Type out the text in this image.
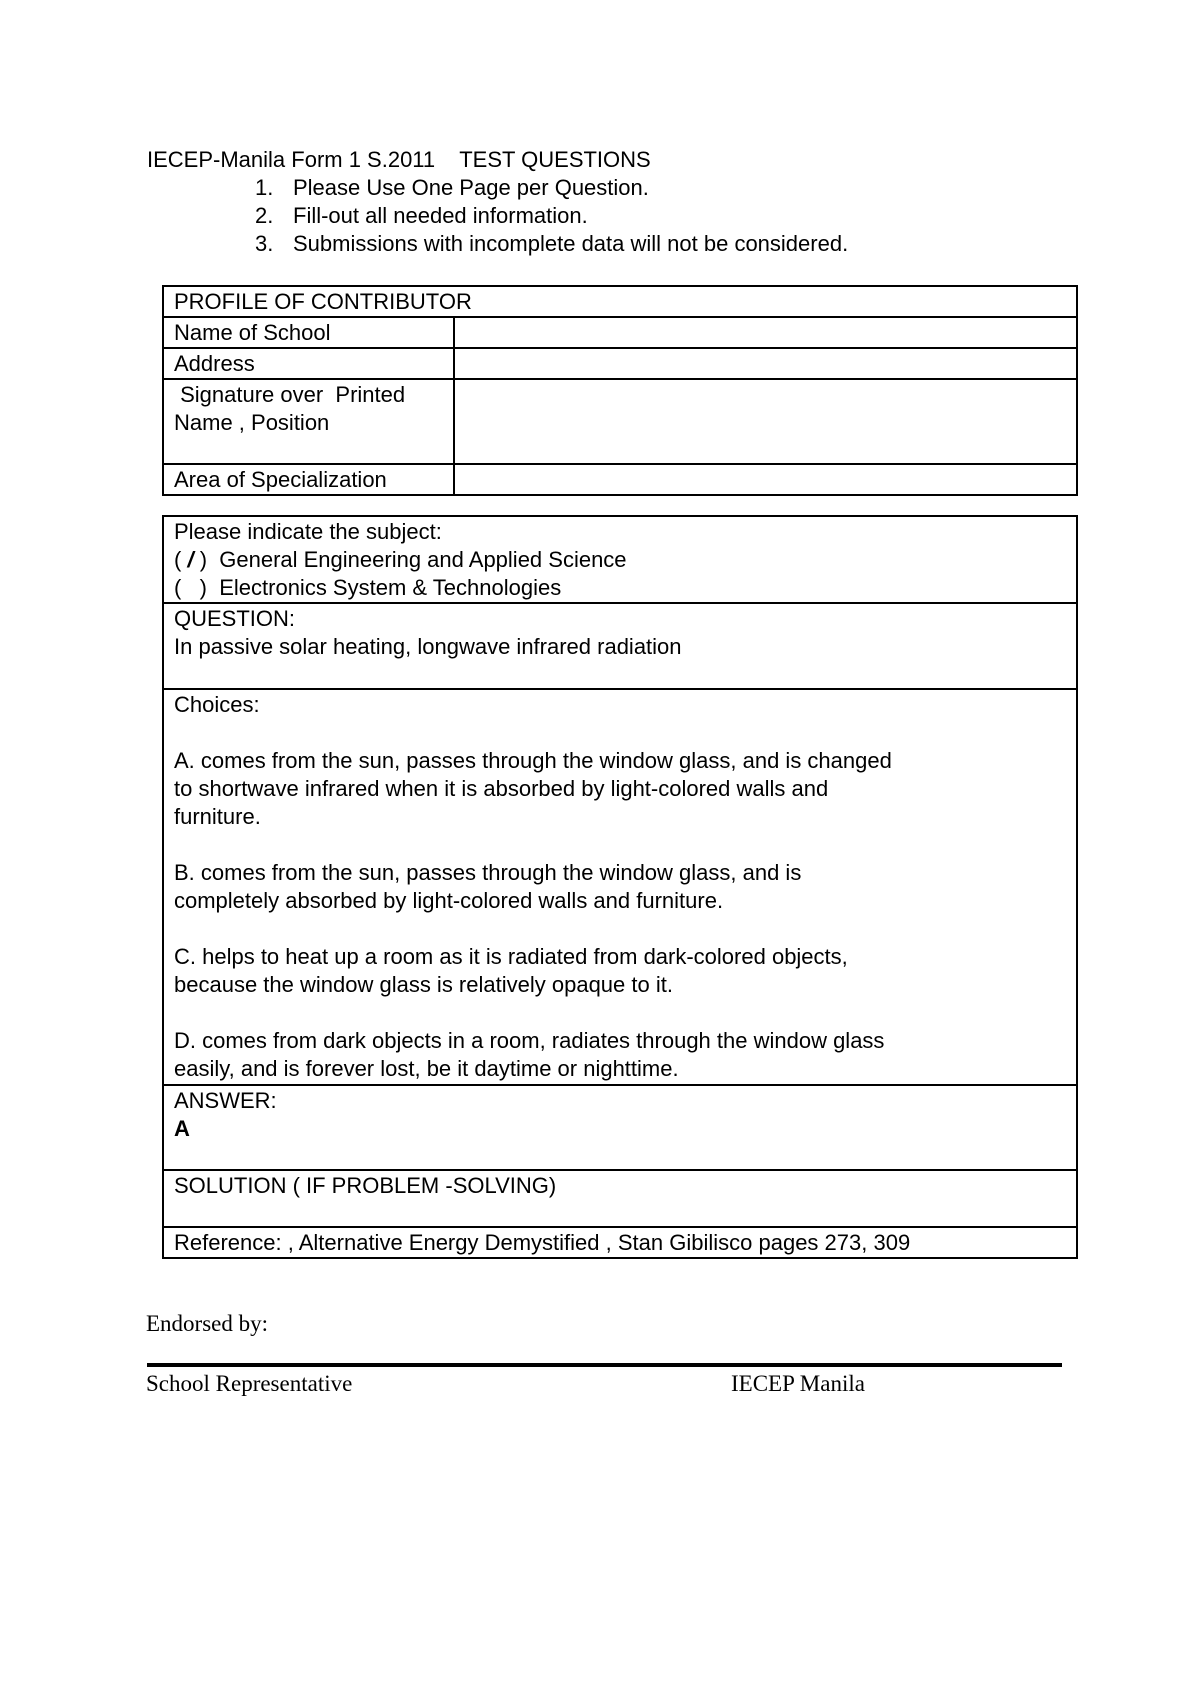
IECEP-Manila Form 1 S.2011    TEST QUESTIONS
1. Please Use One Page per Question.
2. Fill-out all needed information.
3. Submissions with incomplete data will not be considered.
PROFILE OF CONTRIBUTOR	
Name of School	
Address	

Signature over  Printed
Name , Position	

Area of Specialization	
Please indicate the subject:
( / )  General Engineering and Applied Science
(   )  Electronics System & Technologies

QUESTION:
In passive solar heating, longwave infrared radiation

Choices:
A. comes from the sun, passes through the window glass, and is changed
to shortwave infrared when it is absorbed by light-colored walls and
furniture.
B. comes from the sun, passes through the window glass, and is
completely absorbed by light-colored walls and furniture.
C. helps to heat up a room as it is radiated from dark-colored objects,
because the window glass is relatively opaque to it.
D. comes from dark objects in a room, radiates through the window glass
easily, and is forever lost, be it daytime or nighttime.

ANSWER:
A

SOLUTION ( IF PROBLEM -SOLVING)

Reference: , Alternative Energy Demystified , Stan Gibilisco pages 273, 309
Endorsed by:
School Representative	IECEP Manila
